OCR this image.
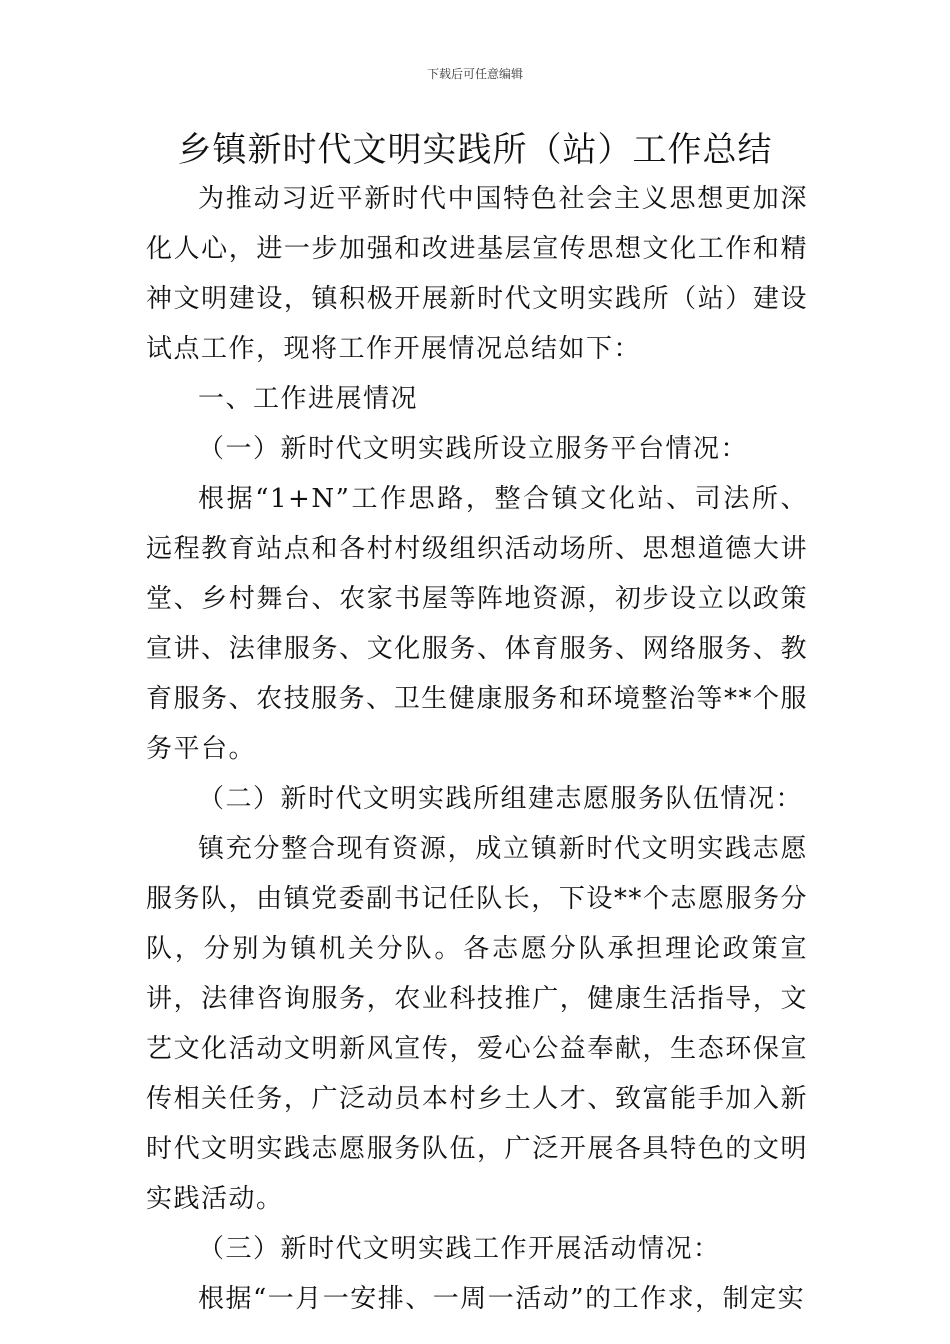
下载后可任意编辑
乡镇新时代文明实践所（站）工作总结

为推动习近平新时代中国特色社会主义思想更加深化人心，进一步加强和改进基层宣传思想文化工作和精神文明建设，镇积极开展新时代文明实践所（站）建设试点工作，现将工作开展情况总结如下：

一、工作进展情况

（一）新时代文明实践所设立服务平台情况：

根据“1+N”工作思路，整合镇文化站、司法所、远程教育站点和各村村级组织活动场所、思想道德大讲堂、乡村舞台、农家书屋等阵地资源，初步设立以政策宣讲、法律服务、文化服务、体育服务、网络服务、教育服务、农技服务、卫生健康服务和环境整治等**个服务平台。

（二）新时代文明实践所组建志愿服务队伍情况：

镇充分整合现有资源，成立镇新时代文明实践志愿服务队，由镇党委副书记任队长，下设**个志愿服务分队，分别为镇机关分队。各志愿分队承担理论政策宣讲，法律咨询服务，农业科技推广，健康生活指导，文艺文化活动文明新风宣传，爱心公益奉献，生态环保宣传相关任务，广泛动员本村乡土人才、致富能手加入新时代文明实践志愿服务队伍，广泛开展各具特色的文明实践活动。

（三）新时代文明实践工作开展活动情况：

根据“一月一安排、一周一活动”的工作求，制定实
